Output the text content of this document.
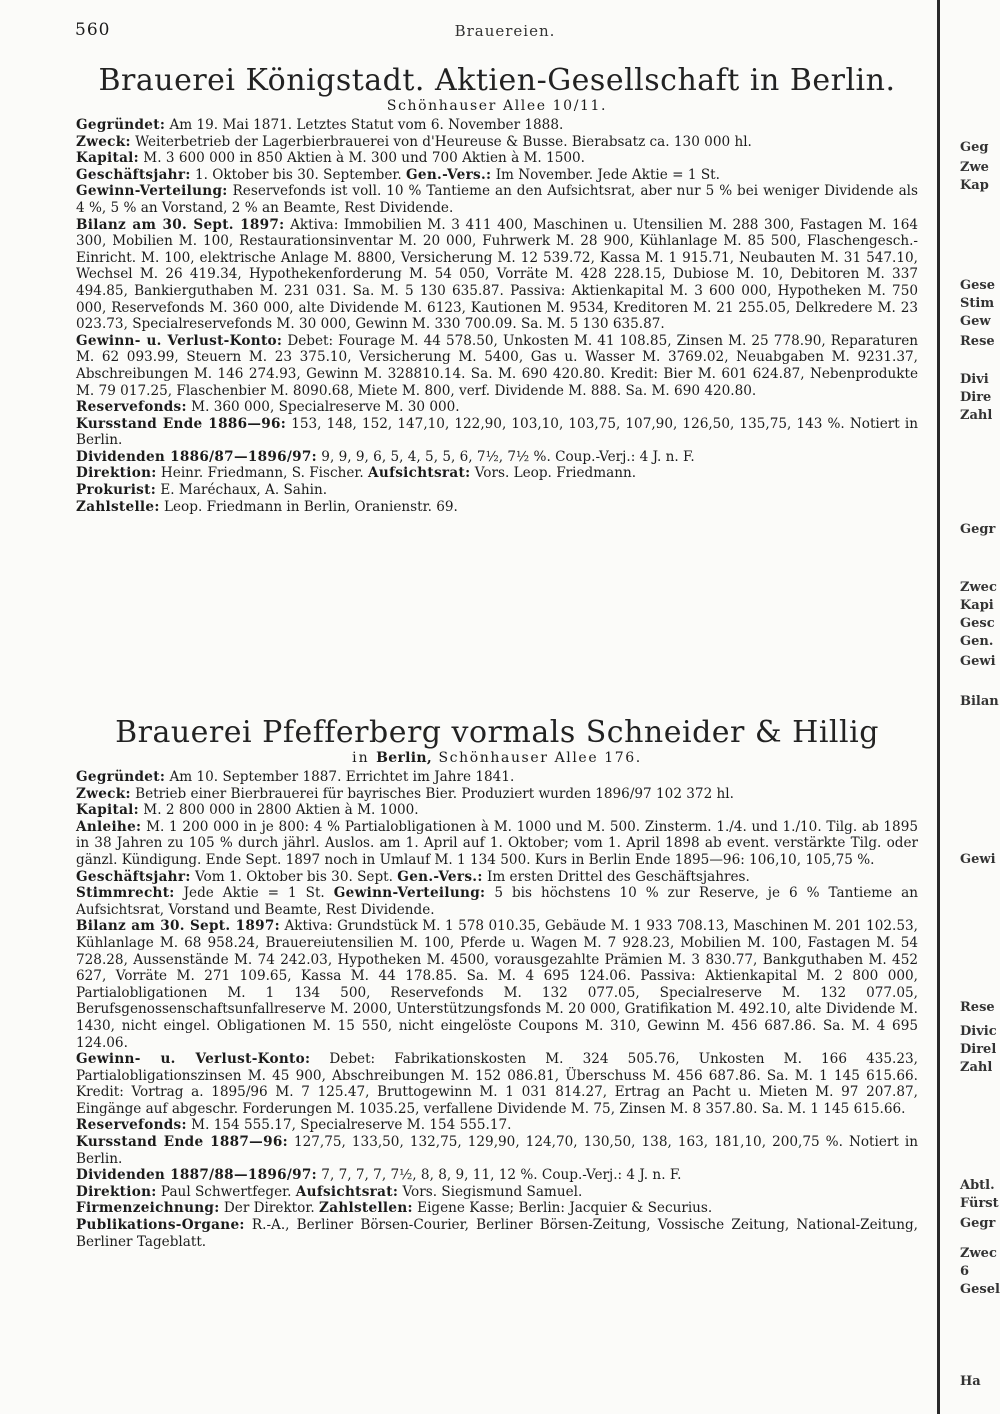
560	Brauereien.
Brauerei Königstadt. Aktien-Gesellschaft in Berlin.
Schönhauser Allee 10/11.
Gegründet: Am 19. Mai 1871. Letztes Statut vom 6. November 1888.
Zweck: Weiterbetrieb der Lagerbierbrauerei von d'Heureuse & Busse. Bierabsatz ca. 130 000 hl.
Kapital: M. 3 600 000 in 850 Aktien à M. 300 und 700 Aktien à M. 1500.
Geschäftsjahr: 1. Oktober bis 30. September. Gen.-Vers.: Im November. Jede Aktie = 1 St.
Gewinn-Verteilung: Reservefonds ist voll. 10 % Tantieme an den Aufsichtsrat, aber nur 5 % bei weniger Dividende als 4 %, 5 % an Vorstand, 2 % an Beamte, Rest Dividende.
Bilanz am 30. Sept. 1897: Aktiva: Immobilien M. 3 411 400, Maschinen u. Utensilien M. 288 300, Fastagen M. 164 300, Mobilien M. 100, Restaurationsinventar M. 20 000, Fuhrwerk M. 28 900, Kühlanlage M. 85 500, Flaschengesch.-Einricht. M. 100, elektrische Anlage M. 8800, Versicherung M. 12 539.72, Kassa M. 1 915.71, Neubauten M. 31 547.10, Wechsel M. 26 419.34, Hypothekenforderung M. 54 050, Vorräte M. 428 228.15, Dubiose M. 10, Debitoren M. 337 494.85, Bankierguthaben M. 231 031. Sa. M. 5 130 635.87. Passiva: Aktienkapital M. 3 600 000, Hypotheken M. 750 000, Reservefonds M. 360 000, alte Dividende M. 6123, Kautionen M. 9534, Kreditoren M. 21 255.05, Delkredere M. 23 023.73, Specialreservefonds M. 30 000, Gewinn M. 330 700.09. Sa. M. 5 130 635.87.
Gewinn- u. Verlust-Konto: Debet: Fourage M. 44 578.50, Unkosten M. 41 108.85, Zinsen M. 25 778.90, Reparaturen M. 62 093.99, Steuern M. 23 375.10, Versicherung M. 5400, Gas u. Wasser M. 3769.02, Neuabgaben M. 9231.37, Abschreibungen M. 146 274.93, Gewinn M. 328810.14. Sa. M. 690 420.80. Kredit: Bier M. 601 624.87, Nebenprodukte M. 79 017.25, Flaschenbier M. 8090.68, Miete M. 800, verf. Dividende M. 888. Sa. M. 690 420.80.
Reservefonds: M. 360 000, Specialreserve M. 30 000.
Kursstand Ende 1886—96: 153, 148, 152, 147,10, 122,90, 103,10, 103,75, 107,90, 126,50, 135,75, 143 %. Notiert in Berlin.
Dividenden 1886/87—1896/97: 9, 9, 9, 6, 5, 4, 5, 5, 6, 7½, 7½ %. Coup.-Verj.: 4 J. n. F.
Direktion: Heinr. Friedmann, S. Fischer. Aufsichtsrat: Vors. Leop. Friedmann.
Prokurist: E. Maréchaux, A. Sahin.
Zahlstelle: Leop. Friedmann in Berlin, Oranienstr. 69.
Brauerei Pfefferberg vormals Schneider & Hillig
in Berlin, Schönhauser Allee 176.
Gegründet: Am 10. September 1887. Errichtet im Jahre 1841.
Zweck: Betrieb einer Bierbrauerei für bayrisches Bier. Produziert wurden 1896/97 102 372 hl.
Kapital: M. 2 800 000 in 2800 Aktien à M. 1000.
Anleihe: M. 1 200 000 in je 800: 4 % Partialobligationen à M. 1000 und M. 500. Zinsterm. 1./4. und 1./10. Tilg. ab 1895 in 38 Jahren zu 105 % durch jährl. Auslos. am 1. April auf 1. Oktober; vom 1. April 1898 ab event. verstärkte Tilg. oder gänzl. Kündigung. Ende Sept. 1897 noch in Umlauf M. 1 134 500. Kurs in Berlin Ende 1895—96: 106,10, 105,75 %.
Geschäftsjahr: Vom 1. Oktober bis 30. Sept. Gen.-Vers.: Im ersten Drittel des Geschäftsjahres.
Stimmrecht: Jede Aktie = 1 St. Gewinn-Verteilung: 5 bis höchstens 10 % zur Reserve, je 6 % Tantieme an Aufsichtsrat, Vorstand und Beamte, Rest Dividende.
Bilanz am 30. Sept. 1897: Aktiva: Grundstück M. 1 578 010.35, Gebäude M. 1 933 708.13, Maschinen M. 201 102.53, Kühlanlage M. 68 958.24, Brauereiutensilien M. 100, Pferde u. Wagen M. 7 928.23, Mobilien M. 100, Fastagen M. 54 728.28, Aussenstände M. 74 242.03, Hypotheken M. 4500, vorausgezahlte Prämien M. 3 830.77, Bankguthaben M. 452 627, Vorräte M. 271 109.65, Kassa M. 44 178.85. Sa. M. 4 695 124.06. Passiva: Aktienkapital M. 2 800 000, Partialobligationen M. 1 134 500, Reservefonds M. 132 077.05, Specialreserve M. 132 077.05, Berufsgenossenschaftsunfallreserve M. 2000, Unterstützungsfonds M. 20 000, Gratifikation M. 492.10, alte Dividende M. 1430, nicht eingel. Obligationen M. 15 550, nicht eingelöste Coupons M. 310, Gewinn M. 456 687.86. Sa. M. 4 695 124.06.
Gewinn- u. Verlust-Konto: Debet: Fabrikationskosten M. 324 505.76, Unkosten M. 166 435.23, Partialobligationszinsen M. 45 900, Abschreibungen M. 152 086.81, Überschuss M. 456 687.86. Sa. M. 1 145 615.66. Kredit: Vortrag a. 1895/96 M. 7 125.47, Bruttogewinn M. 1 031 814.27, Ertrag an Pacht u. Mieten M. 97 207.87, Eingänge auf abgeschr. Forderungen M. 1035.25, verfallene Dividende M. 75, Zinsen M. 8 357.80. Sa. M. 1 145 615.66.
Reservefonds: M. 154 555.17, Specialreserve M. 154 555.17.
Kursstand Ende 1887—96: 127,75, 133,50, 132,75, 129,90, 124,70, 130,50, 138, 163, 181,10, 200,75 %. Notiert in Berlin.
Dividenden 1887/88—1896/97: 7, 7, 7, 7, 7½, 8, 8, 9, 11, 12 %. Coup.-Verj.: 4 J. n. F.
Direktion: Paul Schwertfeger. Aufsichtsrat: Vors. Siegismund Samuel.
Firmenzeichnung: Der Direktor. Zahlstellen: Eigene Kasse; Berlin: Jacquier & Securius.
Publikations-Organe: R.-A., Berliner Börsen-Courier, Berliner Börsen-Zeitung, Vossische Zeitung, National-Zeitung, Berliner Tageblatt.
Geg
Zwe
Kap
Gese
Stim
Gew
Rese
Divi
Dire
Zahl
Gegr
Zwec
Kapi
Gesc
Gen.
Gewi
Bilan
Gewi
Rese
Divic
Direl
Zahl
Abtl.
Fürst
Gegr
Zwec
6
Gesel
Ha
